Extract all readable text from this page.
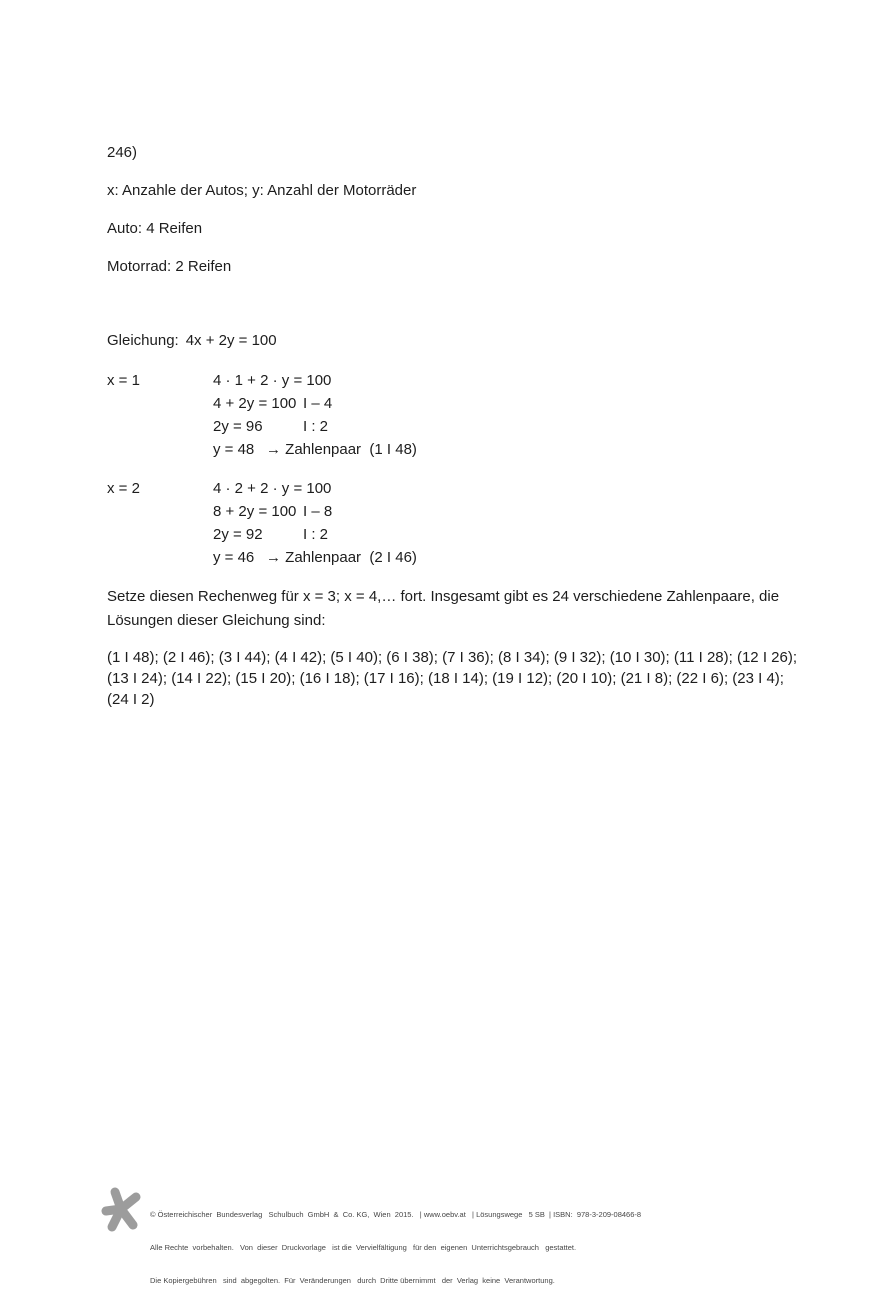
246)

x: Anzahle der Autos; y: Anzahl der Motorräder

Auto: 4 Reifen

Motorrad: 2 Reifen

Gleichung: 4x + 2y = 100

x = 1	4 · 1 + 2 · y = 100
4 + 2y = 100 I – 4
2y = 96	I : 2
y = 48 → Zahlenpaar  (1 I 48)
x = 2	4 · 2 + 2 · y = 100
8 + 2y = 100 I – 8
2y = 92	I : 2
y = 46 → Zahlenpaar  (2 I 46)

Setze diesen Rechenweg für x = 3; x = 4,… fort. Insgesamt gibt es 24 verschiedene Zahlenpaare, die Lösungen dieser Gleichung sind:

(1 I 48); (2 I 46); (3 I 44); (4 I 42); (5 I 40); (6 I 38); (7 I 36); (8 I 34); (9 I 32); (10 I 30); (11 I 28); (12 I 26); (13 I 24); (14 I 22); (15 I 20); (16 I 18); (17 I 16); (18 I 14); (19 I 12); (20 I 10); (21 I 8); (22 I 6); (23 I 4); (24 I 2)

© Österreichischer  Bundesverlag   Schulbuch  GmbH  &  Co. KG,  Wien  2015.   | www.oebv.at   | Lösungswege   5 SB  | ISBN:  978-3-209-08466-8

Alle Rechte  vorbehalten.   Von  dieser  Druckvorlage   ist die  Vervielfältigung   für den  eigenen  Unterrichtsgebrauch   gestattet.

Die Kopiergebühren   sind  abgegolten.  Für  Veränderungen   durch  Dritte übernimmt   der  Verlag  keine  Verantwortung.
